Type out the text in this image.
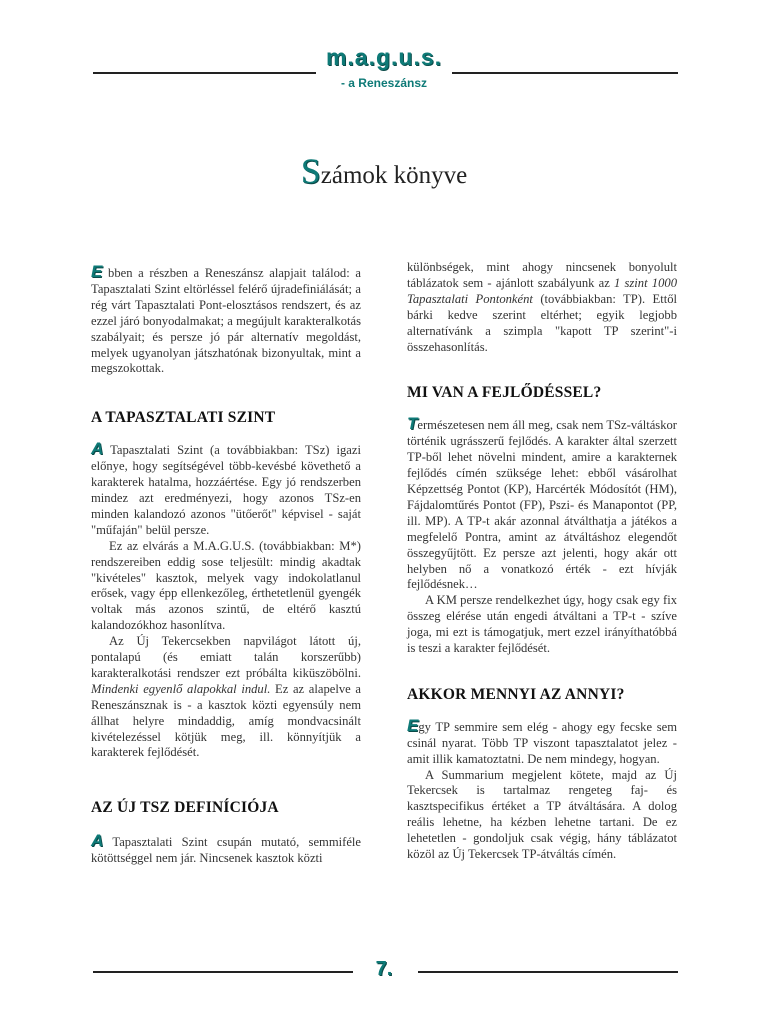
m.a.g.u.s.
- a Reneszánsz
Számok könyve

E bben a részben a Reneszánsz alapjait találod: a Tapasztalati Szint eltörléssel felérő újradefiniálását; a rég várt Tapasztalati Pont-elosztásos rendszert, és az ezzel járó bonyodalmakat; a megújult karakteralkotás szabályait; és persze jó pár alternatív megoldást, melyek ugyanolyan játszhatónak bizonyultak, mint a megszokottak.

A TAPASZTALATI SZINT

A Tapasztalati Szint (a továbbiakban: TSz) igazi előnye, hogy segítségével több-kevésbé követhető a karakterek hatalma, hozzáértése. Egy jó rendszerben mindez azt eredményezi, hogy azonos TSz-en minden kalandozó azonos "ütőerőt" képvisel - saját "műfaján" belül persze.

Ez az elvárás a M.A.G.U.S. (továbbiakban: M*) rendszereiben eddig sose teljesült: mindig akadtak "kivételes" kasztok, melyek vagy indokolatlanul erősek, vagy épp ellenkezőleg, érthetetlenül gyengék voltak más azonos szintű, de eltérő kasztú kalandozókhoz hasonlítva.

Az Új Tekercsekben napvilágot látott új, pontalapú (és emiatt talán korszerűbb) karakteralkotási rendszer ezt próbálta kiküszöbölni. Mindenki egyenlő alapokkal indul. Ez az alapelve a Reneszánsznak is - a kasztok közti egyensúly nem állhat helyre mindaddig, amíg mondvacsinált kivételezéssel kötjük meg, ill. könnyítjük a karakterek fejlődését.

AZ ÚJ TSZ DEFINÍCIÓJA

A Tapasztalati Szint csupán mutató, semmiféle kötöttséggel nem jár. Nincsenek kasztok közti

különbségek, mint ahogy nincsenek bonyolult táblázatok sem - ajánlott szabályunk az 1 szint 1000 Tapasztalati Pontonként (továbbiakban: TP). Ettől bárki kedve szerint eltérhet; egyik legjobb alternatívánk a szimpla "kapott TP szerint"-i összehasonlítás.

MI VAN A FEJLŐDÉSSEL?

Természetesen nem áll meg, csak nem TSz-váltáskor történik ugrásszerű fejlődés. A karakter által szerzett TP-ből lehet növelni mindent, amire a karakternek fejlődés címén szüksége lehet: ebből vásárolhat Képzettség Pontot (KP), Harcérték Módosítót (HM), Fájdalomtűrés Pontot (FP), Pszi- és Manapontot (PP, ill. MP). A TP-t akár azonnal átválthatja a játékos a megfelelő Pontra, amint az átváltáshoz elegendőt összegyűjtött. Ez persze azt jelenti, hogy akár ott helyben nő a vonatkozó érték - ezt hívják fejlődésnek…

A KM persze rendelkezhet úgy, hogy csak egy fix összeg elérése után engedi átváltani a TP-t - szíve joga, mi ezt is támogatjuk, mert ezzel irányíthatóbbá is teszi a karakter fejlődését.

AKKOR MENNYI AZ ANNYI?

Egy TP semmire sem elég - ahogy egy fecske sem csinál nyarat. Több TP viszont tapasztalatot jelez - amit illik kamatoztatni. De nem mindegy, hogyan.

A Summarium megjelent kötete, majd az Új Tekercsek is tartalmaz rengeteg faj- és kasztspecifikus értéket a TP átváltására. A dolog reális lehetne, ha kézben lehetne tartani. De ez lehetetlen - gondoljuk csak végig, hány táblázatot közöl az Új Tekercsek TP-átváltás címén.

7.
